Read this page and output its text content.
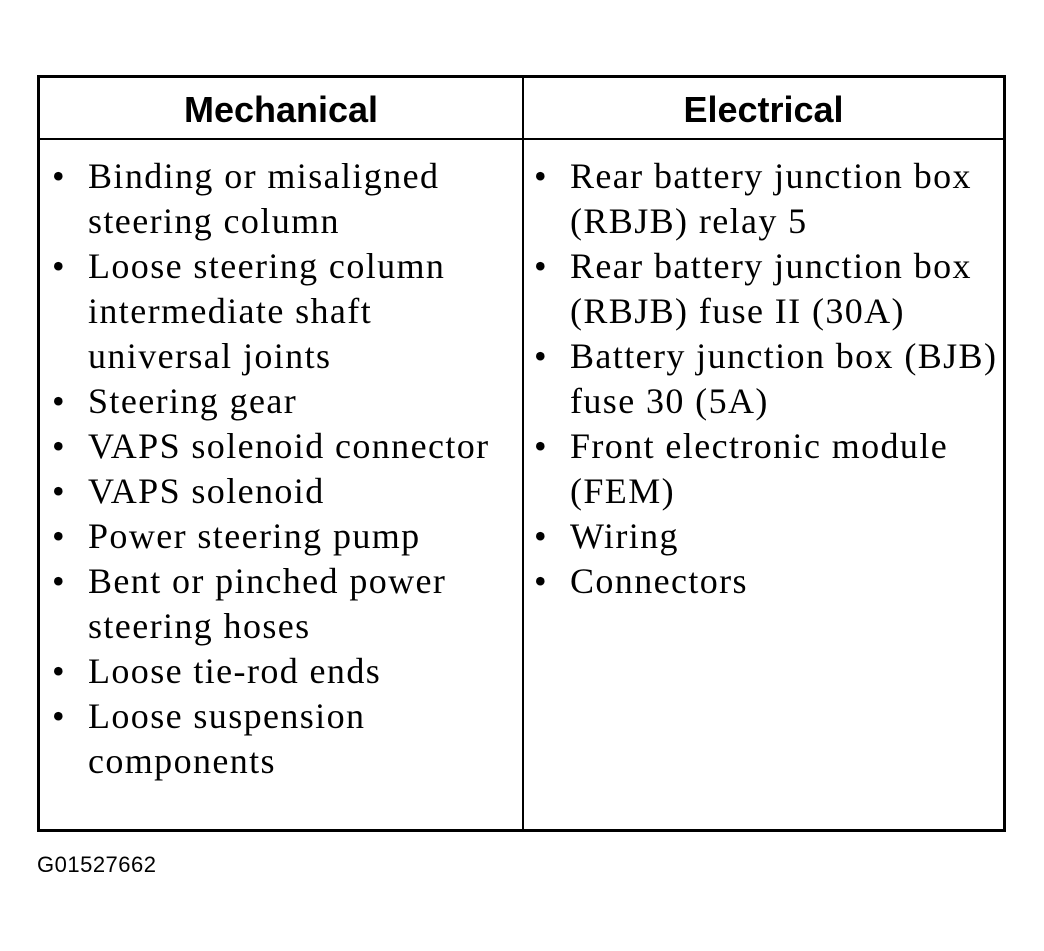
Mechanical	Electrical
• Binding or misaligned steering column
• Loose steering column intermediate shaft universal joints
• Steering gear
• VAPS solenoid connector
• VAPS solenoid
• Power steering pump
• Bent or pinched power steering hoses
• Loose tie-rod ends
• Loose suspension components
• Rear battery junction box (RBJB) relay 5
• Rear battery junction box (RBJB) fuse II (30A)
• Battery junction box (BJB) fuse 30 (5A)
• Front electronic module (FEM)
• Wiring
• Connectors
G01527662
